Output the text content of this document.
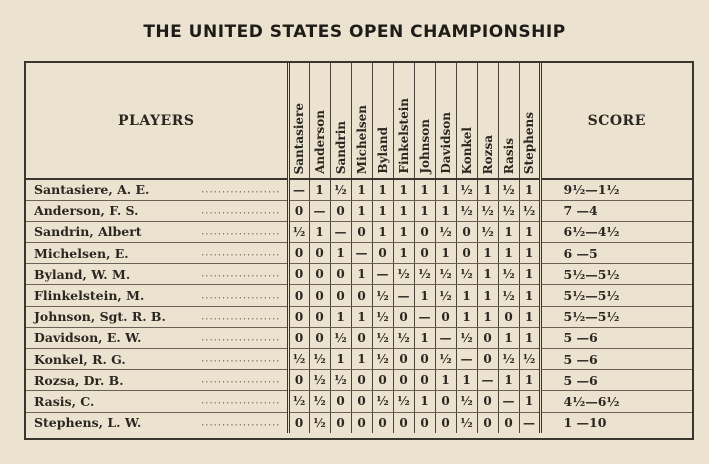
THE UNITED STATES OPEN CHAMPIONSHIP
PLAYERS	Santasiere	Anderson	Sandrin	Michelsen	Byland	Finkelstein	Johnson	Davidson	Konkel	Rozsa	Rasis	Stephens	SCORE
Santasiere, A. E. ...................	—	1	½	1	1	1	1	1	½	1	½	1	9½—1½
Anderson, F. S. ...................	0	—	0	1	1	1	1	1	½	½	½	½	7 —4
Sandrin, Albert ...................	½	1	—	0	1	1	0	½	0	½	1	1	6½—4½
Michelsen, E. ...................	0	0	1	—	0	1	0	1	0	1	1	1	6 —5
Byland, W. M. ...................	0	0	0	1	—	½	½	½	½	1	½	1	5½—5½
Flinkelstein, M. ...................	0	0	0	0	½	—	1	½	1	1	½	1	5½—5½
Johnson, Sgt. R. B. ...................	0	0	1	1	½	0	—	0	1	1	0	1	5½—5½
Davidson, E. W. ...................	0	0	½	0	½	½	1	—	½	0	1	1	5 —6
Konkel, R. G. ...................	½	½	1	1	½	0	0	½	—	0	½	½	5 —6
Rozsa, Dr. B. ...................	0	½	½	0	0	0	0	1	1	—	1	1	5 —6
Rasis, C. ...................	½	½	0	0	½	½	1	0	½	0	—	1	4½—6½
Stephens, L. W. ...................	0	½	0	0	0	0	0	0	½	0	0	—	1 —10
